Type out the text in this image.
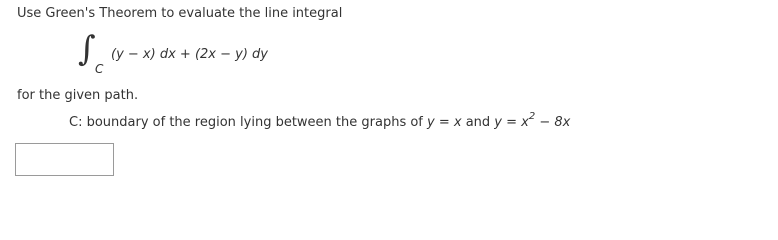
Use Green's Theorem to evaluate the line integral
∫ C
(y − x) dx + (2x − y) dy
for the given path.
C: boundary of the region lying between the graphs of y = x and $y = x^2 - 8x$
